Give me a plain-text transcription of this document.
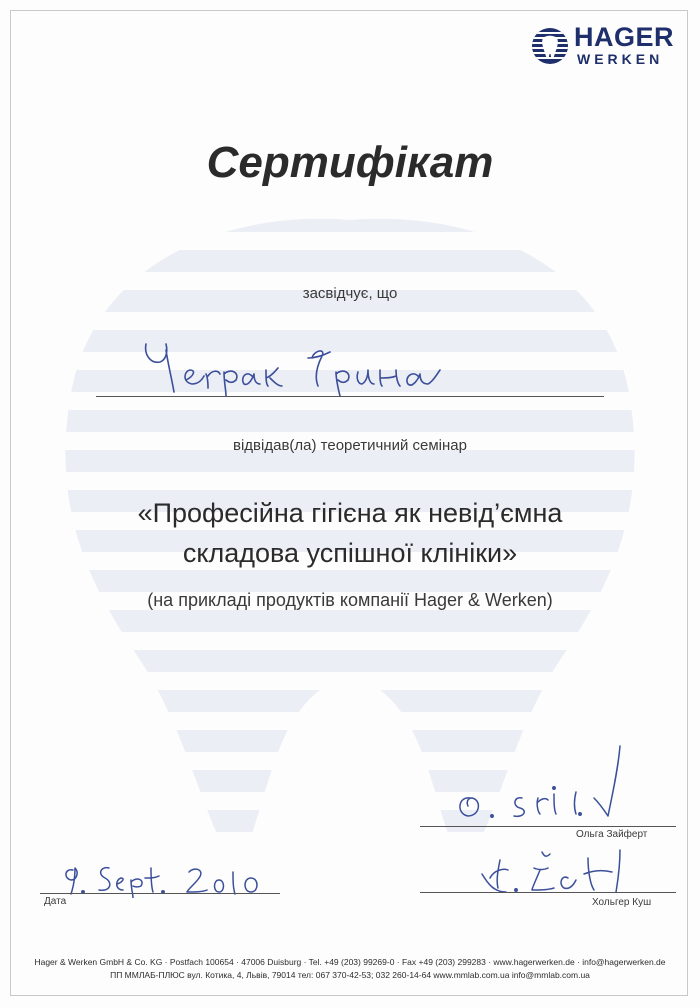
HAGER
WERKEN
Сертифікат
засвідчує, що
відвідав(ла) теоретичний семінар
«Професійна гігієна як невід’ємна
складова успішної клініки»
(на прикладі продуктів компанії Hager & Werken)
Ольга Зайферт
Хольгер Куш
Дата
Hager & Werken GmbH & Co. KG · Postfach 100654 · 47006 Duisburg · Tel. +49 (203) 99269-0 · Fax +49 (203) 299283 · www.hagerwerken.de · info@hagerwerken.de
ПП ММЛАБ-ПЛЮС вул. Котика, 4, Львів, 79014 тел: 067 370-42-53; 032 260-14-64 www.mmlab.com.ua info@mmlab.com.ua
